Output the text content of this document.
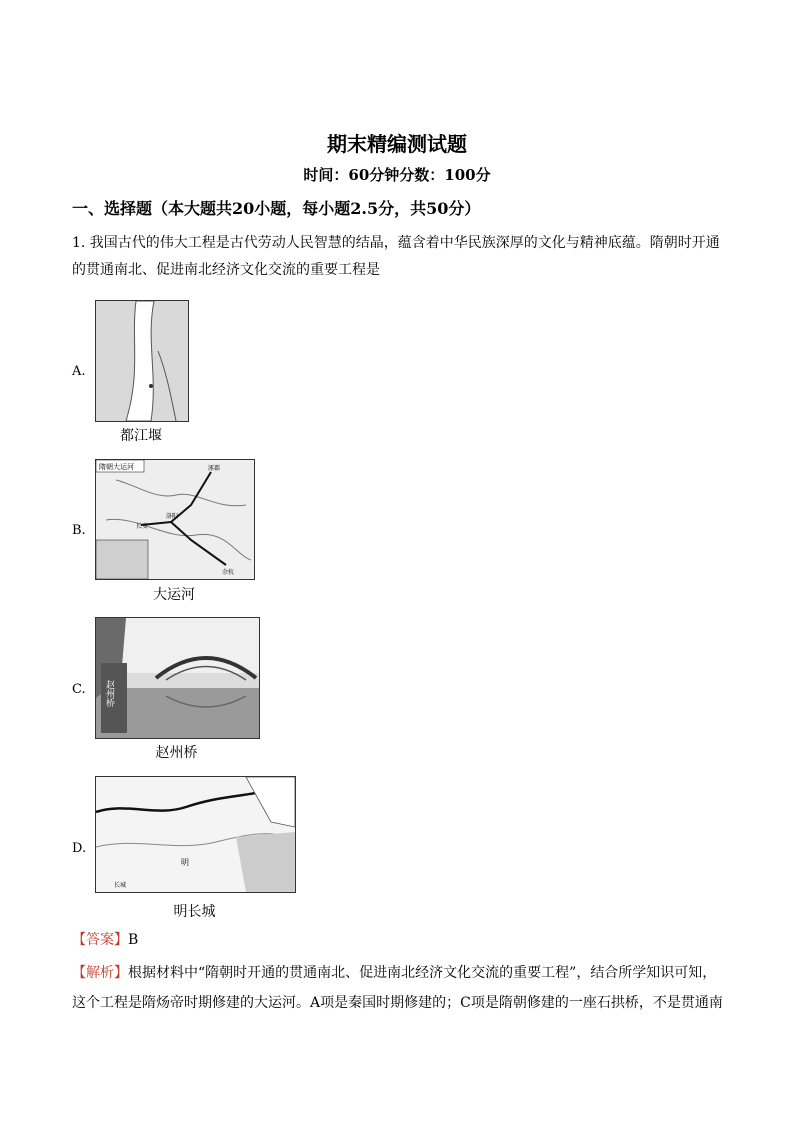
期末精编测试题
时间：60分钟分数：100分
一、选择题（本大题共20小题，每小题2.5分，共50分）
1. 我国古代的伟大工程是古代劳动人民智慧的结晶，蕴含着中华民族深厚的文化与精神底蕴。隋朝时开通的贯通南北、促进南北经济文化交流的重要工程是
A.
都江堰
B.
隋朝大运河
长安
洛阳
涿郡
余杭
大运河
C. 赵州桥
赵州桥
D.
明
长城
明长城
【答案】B
【解析】根据材料中“隋朝时开通的贯通南北、促进南北经济文化交流的重要工程”，结合所学知识可知，这个工程是隋炀帝时期修建的大运河。A项是秦国时期修建的；C项是隋朝修建的一座石拱桥，不是贯通南
